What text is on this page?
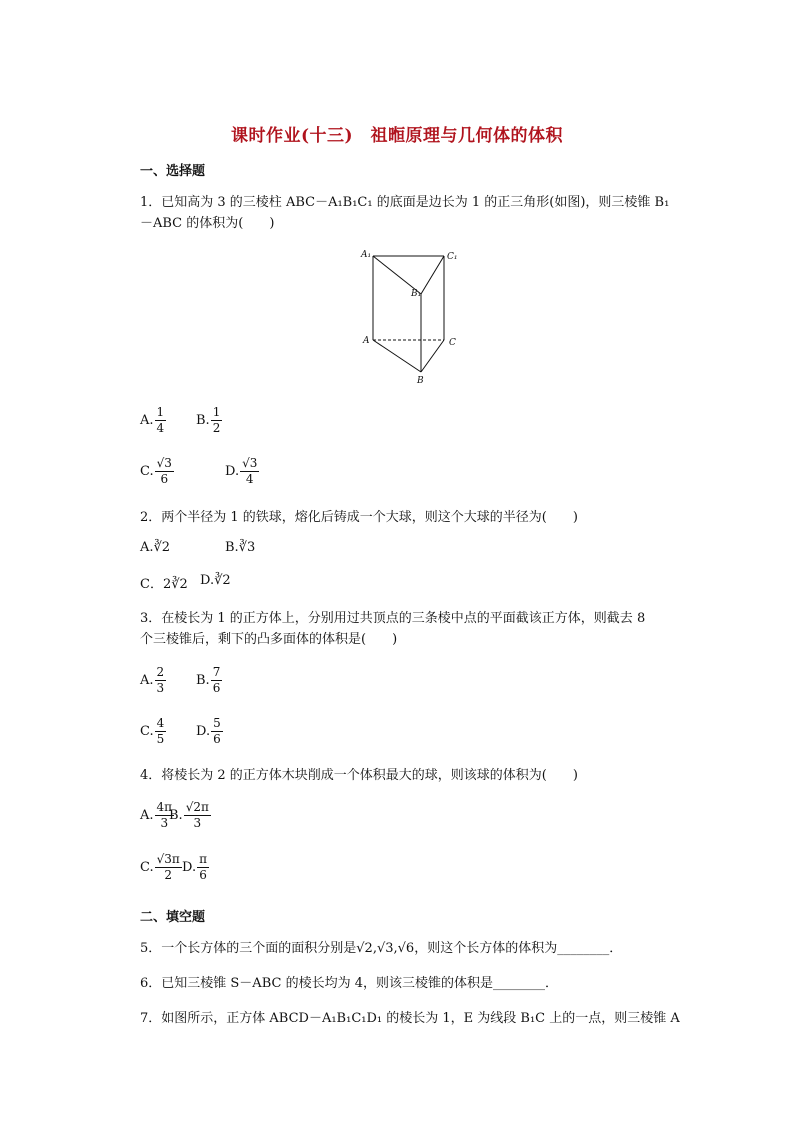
课时作业(十三)　祖暅原理与几何体的体积
一、选择题
1．已知高为 3 的三棱柱 ABC－A₁B₁C₁ 的底面是边长为 1 的正三角形(如图)，则三棱锥 B₁
－ABC 的体积为(　　)
A₁	C₁
B₁
A	C
B
A. $\frac{1}{4} B$. $\frac{1}{2}$
C. $\frac{√3}{6}$	D. $\frac{√3}{4}$
2．两个半径为 1 的铁球，熔化后铸成一个大球，则这个大球的半径为(　　)
A.∛2	B.∛3
C．2∛2 D.∛2
3．在棱长为 1 的正方体上，分别用过共顶点的三条棱中点的平面截该正方体，则截去 8
个三棱锥后，剩下的凸多面体的体积是(　　)
A. $\frac{2}{3} B$. $\frac{7}{6}$
C. $\frac{4}{5} D$. $\frac{5}{6}$
4．将棱长为 2 的正方体木块削成一个体积最大的球，则该球的体积为(　　)
A. $\frac{4\pi}{3}$
B. $\frac{√2\pi}{3}$
C. $\frac{√3\pi}{2} D$. $\frac{\pi}{6}$
二、填空题
5．一个长方体的三个面的面积分别是√2,√3,√6，则这个长方体的体积为________．
6．已知三棱锥 S－ABC 的棱长均为 4，则该三棱锥的体积是________．
7．如图所示，正方体 ABCD－A₁B₁C₁D₁ 的棱长为 1，E 为线段 B₁C 上的一点，则三棱锥 A
